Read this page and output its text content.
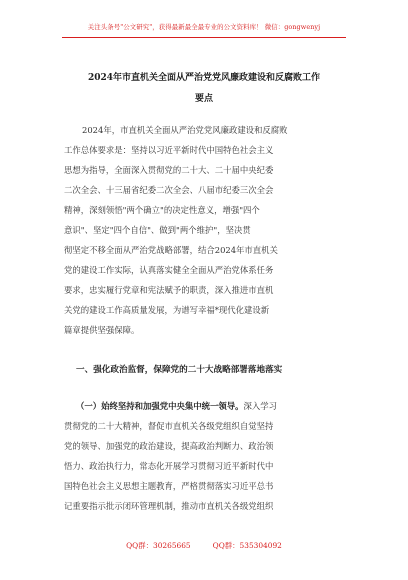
关注头条号"公文研究"，获得最新最全最专业的公文资料库！ 微信：gongwenyj
2024年市直机关全面从严治党党风廉政建设和反腐败工作
要点
2024年，市直机关全面从严治党党风廉政建设和反腐败
工作总体要求是：坚持以习近平新时代中国特色社会主义
思想为指导，全面深入贯彻党的二十大、二十届中央纪委
二次全会、十三届省纪委二次全会、八届市纪委三次全会
精神，深刻领悟"两个确立"的决定性意义，增强"四个
意识"、坚定"四个自信"、做到"两个维护"，坚决贯
彻坚定不移全面从严治党战略部署，结合2024年市直机关
党的建设工作实际，认真落实健全全面从严治党体系任务
要求，忠实履行党章和宪法赋予的职责，深入推进市直机
关党的建设工作高质量发展，为谱写幸福*现代化建设新
篇章提供坚强保障。
一、强化政治监督，保障党的二十大战略部署落地落实
（一）始终坚持和加强党中央集中统一领导。深入学习
贯彻党的二十大精神，督促市直机关各级党组织自觉坚持
党的领导、加强党的政治建设，提高政治判断力、政治领
悟力、政治执行力，常态化开展学习贯彻习近平新时代中
国特色社会主义思想主题教育，严格贯彻落实习近平总书
记重要指示批示闭环管理机制，推动市直机关各级党组织
QQ群：30265665	QQ群：535304092
